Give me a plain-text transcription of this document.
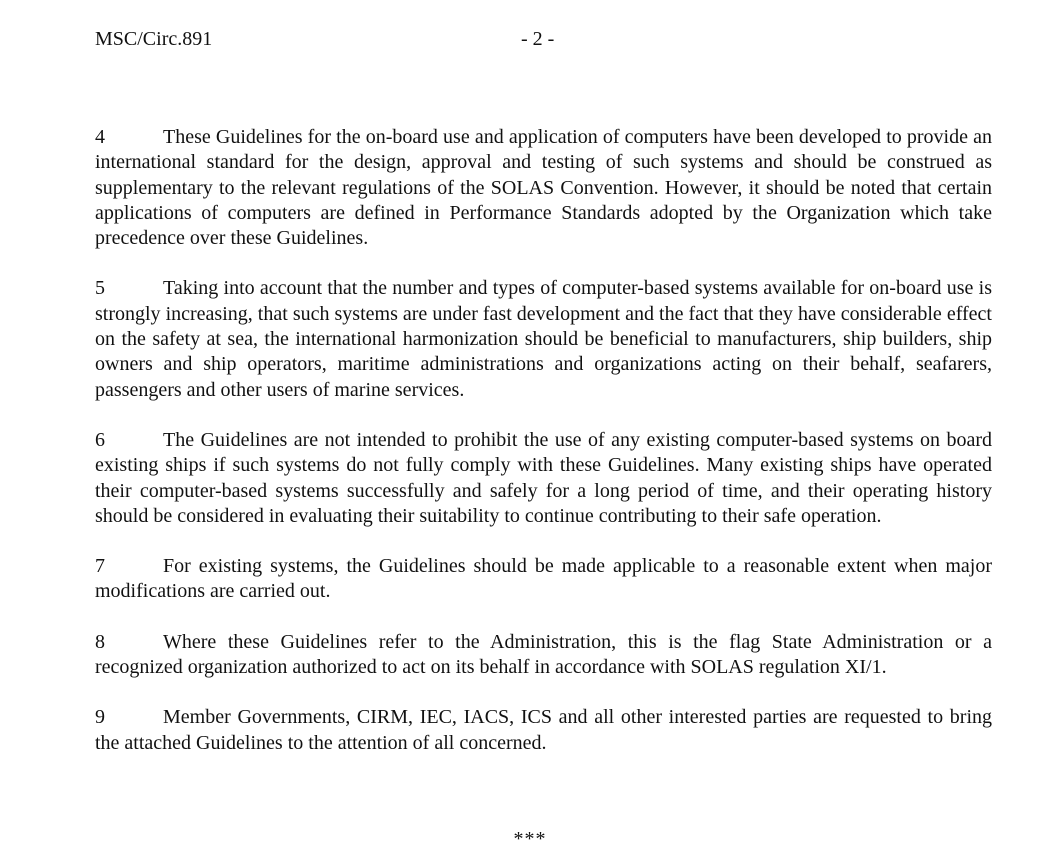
MSC/Circ.891	- 2 -

4	These Guidelines for the on-board use and application of computers have been developed to provide an international standard for the design, approval and testing of such systems and should be construed as supplementary to the relevant regulations of the SOLAS Convention. However, it should be noted that certain applications of computers are defined in Performance Standards adopted by the Organization which take precedence over these Guidelines.

5	Taking into account that the number and types of computer-based systems available for on-board use is strongly increasing, that such systems are under fast development and the fact that they have considerable effect on the safety at sea, the international harmonization should be beneficial to manufacturers, ship builders, ship owners and ship operators, maritime administrations and organizations acting on their behalf, seafarers, passengers and other users of marine services.

6	The Guidelines are not intended to prohibit the use of any existing computer-based systems on board existing ships if such systems do not fully comply with these Guidelines. Many existing ships have operated their computer-based systems successfully and safely for a long period of time, and their operating history should be considered in evaluating their suitability to continue contributing to their safe operation.

7	For existing systems, the Guidelines should be made applicable to a reasonable extent when major modifications are carried out.

8	Where these Guidelines refer to the Administration, this is the flag State Administration or a recognized organization authorized to act on its behalf in accordance with SOLAS regulation XI/1.

9	Member Governments, CIRM, IEC, IACS, ICS and all other interested parties are requested to bring the attached Guidelines to the attention of all concerned.

***
